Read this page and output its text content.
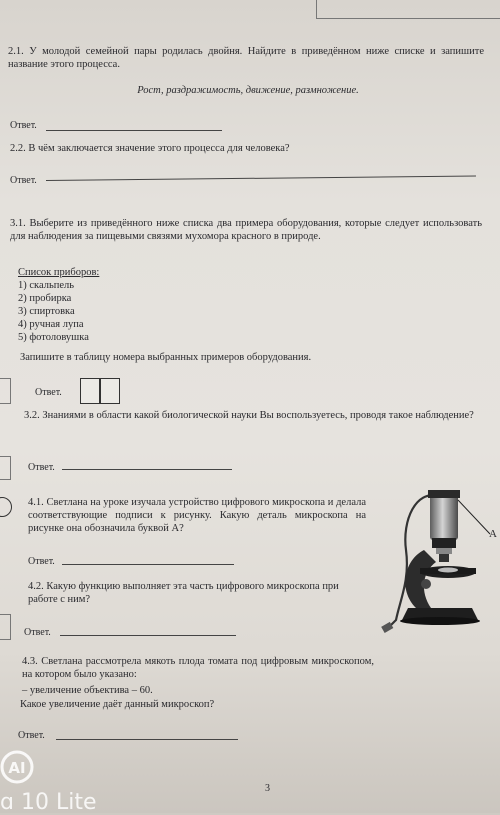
2.1. У молодой семейной пары родилась двойня. Найдите в приведённом ниже списке и запишите название этого процесса.
Рост, раздражимость, движение, размножение.
Ответ.
2.2. В чём заключается значение этого процесса для человека?
Ответ.
3.1. Выберите из приведённого ниже списка два примера оборудования, которые следует использовать для наблюдения за пищевыми связями мухомора красного в природе.
Список приборов:
1) скальпель
2) пробирка
3) спиртовка
4) ручная лупа
5) фотоловушка
Запишите в таблицу номера выбранных примеров оборудования.
Ответ.
3.2. Знаниями в области какой биологической науки Вы воспользуетесь, проводя такое наблюдение?
Ответ.
4.1. Светлана на уроке изучала устройство цифрового микроскопа и делала соответствующие подписи к рисунку. Какую деталь микроскопа на рисунке она обозначила буквой А?
Ответ.
А
4.2. Какую функцию выполняет эта часть цифрового микроскопа при работе с ним?
Ответ.
4.3. Светлана рассмотрела мякоть плода томата под цифровым микроскопом, на котором было указано:
– увеличение объектива – 60.
Какое увеличение даёт данный микроскоп?
Ответ.
3
AI
ɑ 10 Lite
